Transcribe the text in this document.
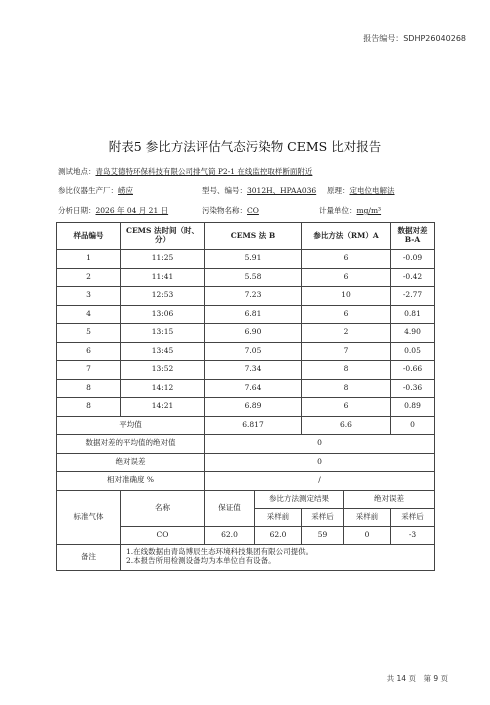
报告编号：SDHP26040268
附表5 参比方法评估气态污染物 CEMS 比对报告
测试地点：青岛艾德特环保科技有限公司排气筒 P2-1 在线监控取样断面附近
参比仪器生产厂：崂应	型号、编号：3012H、HPAA036 原理：定电位电解法
分析日期：2026 年 04 月 21 日	污染物名称：CO	计量单位：mg/m³
样品编号	CEMS 法时间（时、分）	CEMS 法 B		参比方法（RM）A		数据对差 B-A
1	11:25	5.91		6		-0.09
2	11:41	5.58		6		-0.42
3	12:53	7.23		10		-2.77
4	13:06	6.81		6		0.81
5	13:15	6.90		2		4.90
6	13:45	7.05		7		0.05
7	13:52	7.34		8		-0.66
8	14:12	7.64		8		-0.36
8	14:21	6.89		6		0.89
平均值		6.817		6.6		0
数据对差的平均值的绝对值		0				
绝对误差		0				
相对准确度 %		/				
标准气体	名称	保证值	参比方法测定结果		绝对误差	
			采样前	采样后	采样前	采样后
	CO	62.0	62.0	59	0	-3
备注	1.在线数据由青岛博辰生态环境科技集团有限公司提供。
2.本报告所用检测设备均为本单位自有设备。					
共 14 页　第 9 页
